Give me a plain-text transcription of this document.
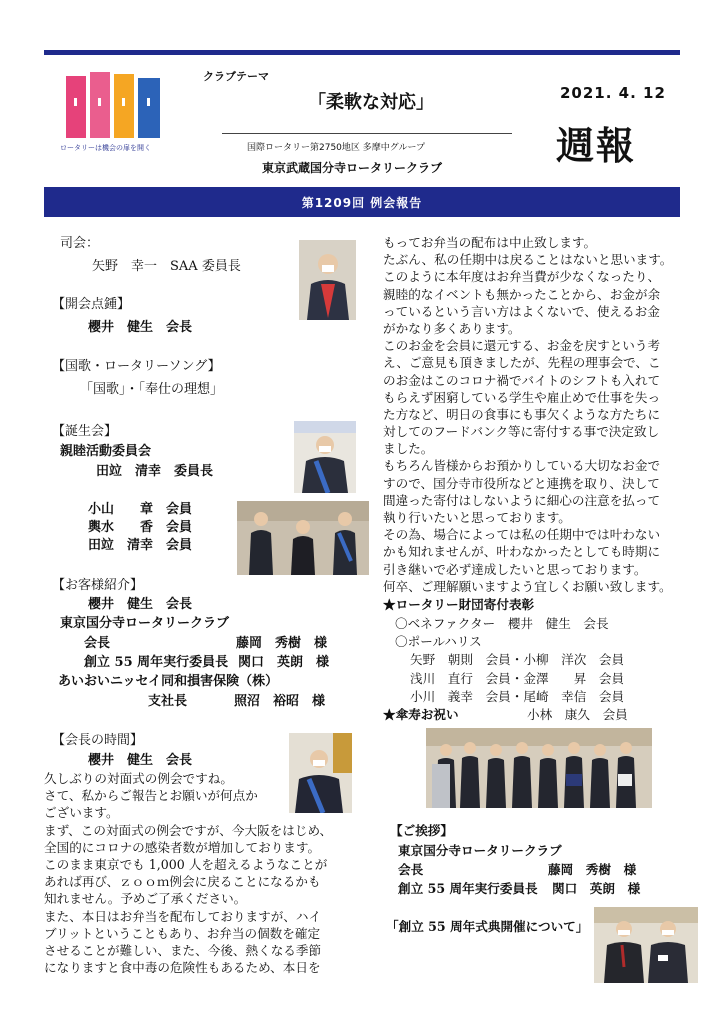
ロータリーは機会の扉を開く
クラブテーマ
「柔軟な対応」	2021. 4. 12
週報
国際ロータリー第2750地区 多摩中グループ
東京武蔵国分寺ロータリークラブ
第1209回 例会報告
司会：
矢野　幸一　SAA 委員長
【開会点鍾】
櫻井　健生　会長
【国歌・ロータリーソング】
「国歌」・「奉仕の理想」
【誕生会】
親睦活動委員会
田竝　清幸　委員長
小山　　章　会員
輿水　　香　会員
田竝　清幸　会員
【お客様紹介】
櫻井　健生　会長
東京国分寺ロータリークラブ
会長	藤岡　秀樹　様
創立 55 周年実行委員長 関口　英朗　様
あいおいニッセイ同和損害保険（株）
支社長	照沼　裕昭　様
【会長の時間】
櫻井　健生　会長
久しぶりの対面式の例会ですね。
さて、私からご報告とお願いが何点か
ございます。
まず、この対面式の例会ですが、今大阪をはじめ、
全国的にコロナの感染者数が増加しております。
このまま東京でも 1,000 人を超えるようなことが
あれば再び、ｚｏｏｍ例会に戻ることになるかも
知れません。予めご了承ください。
また、本日はお弁当を配布しておりますが、ハイ
ブリットということもあり、お弁当の個数を確定
させることが難しい、また、今後、熱くなる季節
になりますと食中毒の危険性もあるため、本日を
もってお弁当の配布は中止致します。
たぶん、私の任期中は戻ることはないと思います。
このように本年度はお弁当費が少なくなったり、
親睦的なイベントも無かったことから、お金が余
っているという言い方はよくないで、使えるお金
がかなり多くあります。
このお金を会員に還元する、お金を戻すという考
え、ご意見も頂きましたが、先程の理事会で、こ
のお金はこのコロナ禍でバイトのシフトも入れて
もらえず困窮している学生や雇止めで仕事を失っ
た方など、明日の食事にも事欠くような方たちに
対してのフードバンク等に寄付する事で決定致し
ました。
もちろん皆様からお預かりしている大切なお金で
すので、国分寺市役所などと連携を取り、決して
間違った寄付はしないように細心の注意を払って
執り行いたいと思っております。
その為、場合によっては私の任期中では叶わない
かも知れませんが、叶わなかったとしても時期に
引き継いで必ず達成したいと思っております。
何卒、ご理解願いますよう宜しくお願い致します。
★ロータリー財団寄付表彰
〇ベネファクター　櫻井　健生　会長
〇ポールハリス
矢野　朝則　会員・小柳　洋次　会員
浅川　直行　会員・金澤　　昇　会員
小川　義幸　会員・尾崎　幸信　会員
★傘寿お祝い	小林　康久　会員
【ご挨拶】
東京国分寺ロータリークラブ
会長	藤岡　秀樹　様
創立 55 周年実行委員長 関口　英朗　様
「創立 55 周年式典開催について」
